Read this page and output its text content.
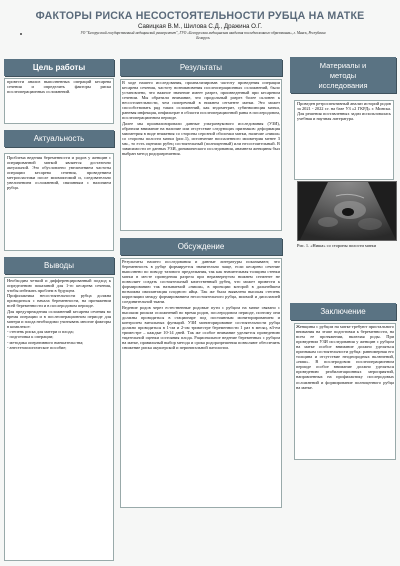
ФАКТОРЫ РИСКА НЕСОСТОЯТЕЛЬНОСТИ РУБЦА НА МАТКЕ
Савицкая В.М., Шилова С.Д., Дражина О.Г.
УО "Белорусский государственный медицинский университет", ГУО «Белорусская медицинская академия последипломного образования», г. Минск, Республика
Беларусь
Цель работы
провести анализ выполненных операций кесарева сечения и определить факторы риска послеоперационных осложнений.
Актуальность
Проблема ведения беременности и родов у женщин с оперированной маткой является достаточно актуальной. Это обусловлено увеличением частоты операции кесарева сечения, проведением метропластики после миомэктомий и, следовательно увеличением осложнений, связанным с наличием рубца.
Выводы

Необходим четкий и дифференцированный подход к определению показаний для 1-го кесарева сечения, чтобы избежать проблем в будущем.

Профилактика несостоятельности рубца должна проводиться с начала беременности, на протяжении всей беременности и в послеродовом периоде.

Для предупреждения осложнений кесарева сечения во время операции и в послеоперационном периоде для матери и плода необходимо учитывать многие факторы в комплексе:

- степень риска для матери и плода;

- подготовка к операции;

- методика оперативного вмешательства;

- анестезиологическое пособие;

Результаты

В ходе нашего исследования, проанализировав частоту проведения операции кесарева сечения, частоту возникновения послеоперационных осложнений, было установлено, что важное значение имеет разрез, произведенный при кесаревом сечении. Мы обратили внимание, что продольный разрез более склонен к несостоятельности, чем поперечный в нижнем сегменте матки. Это может способствовать ряд таких осложнений, как эндометрит, субинволюция матки, раневая инфекция, инфильтрат в области послеоперационной раны в послеродовом, послеоперационном периоде.

Далее мы проанализировали данные ультразвукового исследования (УЗИ), обратили внимание на наличие или отсутствие следующих признаков: деформация миометрия в виде втяжения со стороны серозной оболочки матки, наличие «ниши» со стороны полости матки (рис.1), истончение воспаленного миометрия менее 3 мм., то есть оценили рубец состоятельный (полноценный) или несостоятельный. В зависимости от данных УЗИ, динамического исследования, анамнеза женщины был выбран метод родоразрешения.

Обсуждение

Результаты нашего исследования и данные литературы показывают, что беременность в рубце формируется значительно чаще, если кесарево сечение выполнено по поводу тазового предлежания, так как значительная толщина стенки матки в месте проведения разреза при неразвернутом нижнем сегменте не позволяет создать состоятельный качественный рубец, что может привести к формированию так называемой «ниши», в проекции которой в дальнейшем возможна имплантация плодного яйца. Так же была выявлена высокая степень корреляции между формированием несостоятельного рубца, миомой и дисплазией соединительной ткани.

Ведение родов через естественные родовые пути с рубцом на матке связано с высоким риском осложнений во время родов, послеродовом периоде, поэтому они должны проводиться в стационаре под постоянным мониторированием и контролем витальных функций. УЗИ мониторирование состоятельности рубца должно проводиться в 1-ом и 2-ом триместре беременности 1 раз в месяц, в3-ем триместре – каждые 10-14 дней. Так же особое внимание уделяется проведению тщательной оценки состояния плода. Рациональное ведение беременных с рубцом на матке, правильный выбор метода и срока родоразрешения позволяют обеспечить снижение риска акушерской и перинатальной патологии.

Материалы и
методы
исследования
Проведен ретроспективный анализ историй родов за 2021 - 2022 г.г. на базе УЗ «2 ГКРД» г. Минска. Для решения поставленных задач использовалась учебная и научная литература.
Рис. 1. «Ниша» со стороны полости матки
Заключение
Женщины с рубцом на матке требуют пристального внимания на этапе подготовки к беременности, на всем ее протяжении, включая роды. При проведении УЗИ исследования у женщин с рубцом на матке особое внимание должно уделяться признакам состоятельности рубца: равномерная его толщина и отсутствие неоднородных включений, «ниш». В послеродовом послеоперационном периоде особое внимание должно уделяться проведению реабилитационных мероприятий, направленных на профилактику послеродовых осложнений и формирование полноценного рубца на матке.
